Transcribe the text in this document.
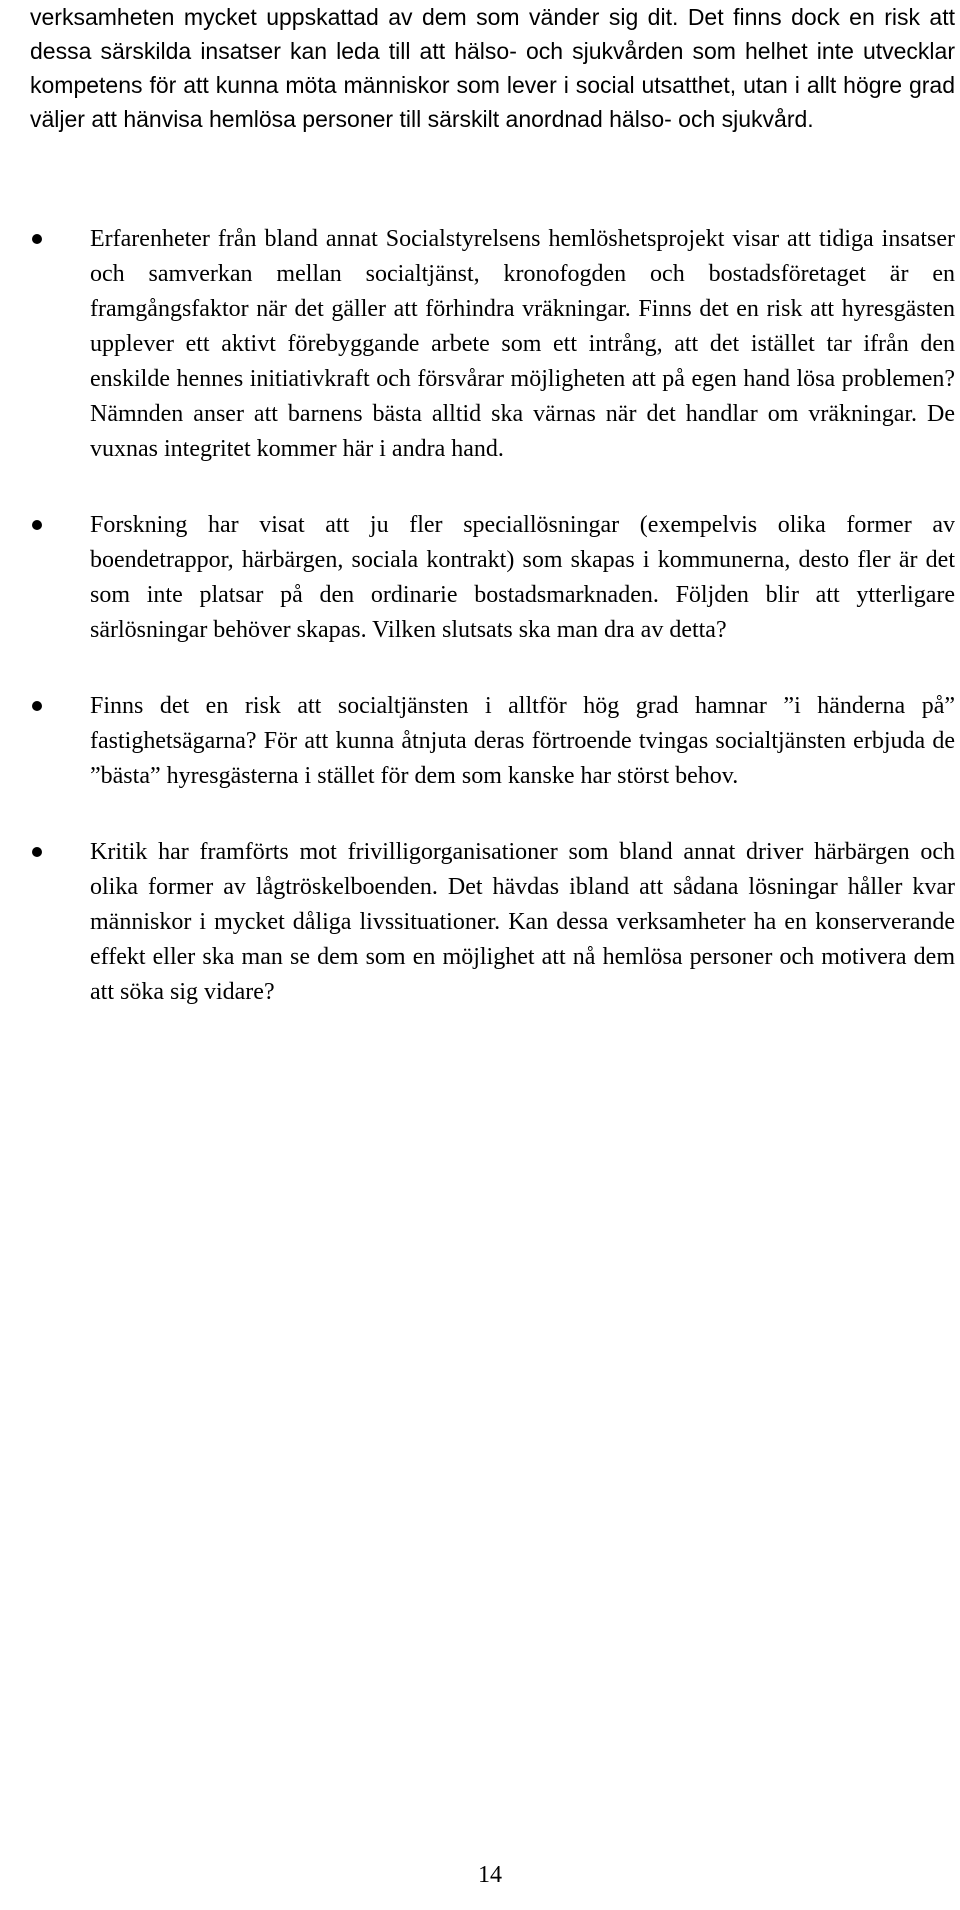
verksamheten mycket uppskattad av dem som vänder sig dit. Det finns dock en risk att dessa särskilda insatser kan leda till att hälso- och sjukvården som helhet inte utvecklar kompetens för att kunna möta människor som lever i social utsatthet, utan i allt högre grad väljer att hänvisa hemlösa personer till särskilt anordnad hälso- och sjukvård.

Erfarenheter från bland annat Socialstyrelsens hemlöshetsprojekt visar att tidiga insatser och samverkan mellan socialtjänst, kronofogden och bostadsföretaget är en framgångsfaktor när det gäller att förhindra vräkningar. Finns det en risk att hyresgästen upplever ett aktivt förebyggande arbete som ett intrång, att det istället tar ifrån den enskilde hennes initiativkraft och försvårar möjligheten att på egen hand lösa problemen? Nämnden anser att barnens bästa alltid ska värnas när det handlar om vräkningar. De vuxnas integritet kommer här i andra hand.
Forskning har visat att ju fler speciallösningar (exempelvis olika former av boendetrappor, härbärgen, sociala kontrakt) som skapas i kommunerna, desto fler är det som inte platsar på den ordinarie bostadsmarknaden. Följden blir att ytterligare särlösningar behöver skapas. Vilken slutsats ska man dra av detta?
Finns det en risk att socialtjänsten i alltför hög grad hamnar ”i händerna på” fastighetsägarna? För att kunna åtnjuta deras förtroende tvingas socialtjänsten erbjuda de ”bästa” hyresgästerna i stället för dem som kanske har störst behov.
Kritik har framförts mot frivilligorganisationer som bland annat driver härbärgen och olika former av lågtröskelboenden. Det hävdas ibland att sådana lösningar håller kvar människor i mycket dåliga livssituationer. Kan dessa verksamheter ha en konserverande effekt eller ska man se dem som en möjlighet att nå hemlösa personer och motivera dem att söka sig vidare?
14
